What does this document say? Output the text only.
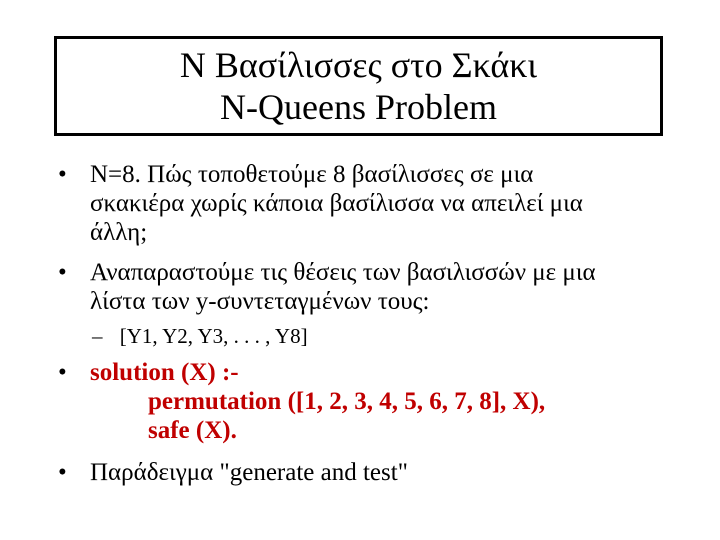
N Βασίλισσες στο Σκάκι
N-Queens Problem
• N=8. Πώς τοποθετούμε 8 βασίλισσες σε μια
σκακιέρα χωρίς κάποια βασίλισσα να απειλεί μια
άλλη;
• Αναπαραστούμε τις θέσεις των βασιλισσών με μια
λίστα των y-συντεταγμένων τους:
– [Y1, Y2, Y3, . . . , Y8]
• solution (X) :-
permutation ([1, 2, 3, 4, 5, 6, 7, 8], X),
safe (X).
• Παράδειγμα "generate and test"
